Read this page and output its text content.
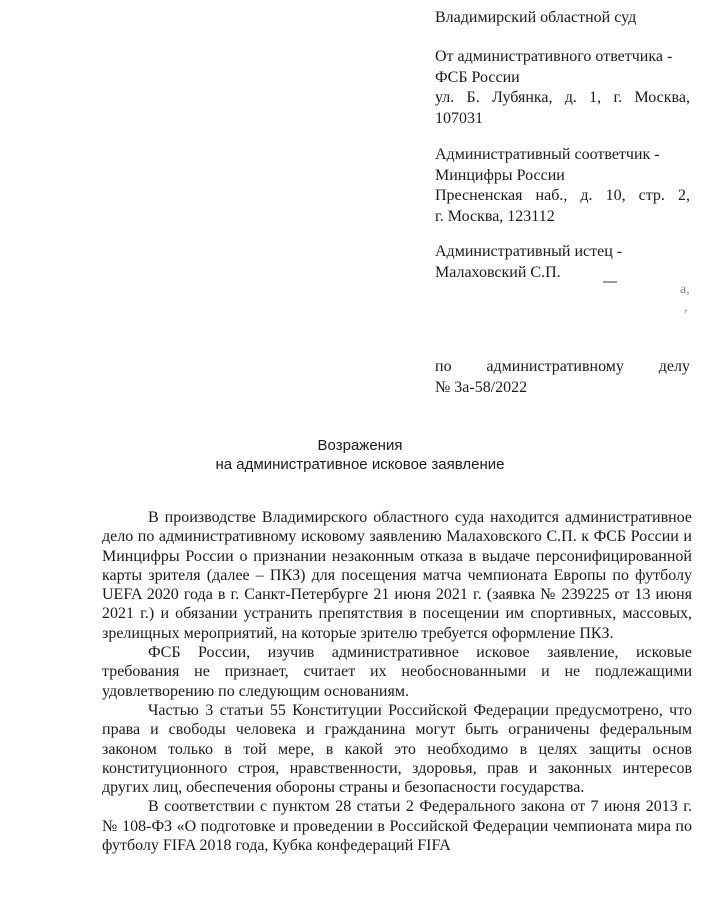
Владимирский областной суд
От административного ответчика -
ФСБ России
ул. Б. Лубянка, д. 1, г. Москва,
107031
Административный соответчик -
Минцифры России
Пресненская наб., д. 10, стр. 2,
г. Москва, 123112
Административный истец -
Малаховский С.П.
а,
,
по административному делу
№ 3а-58/2022
Возражения
на административное исковое заявление

В производстве Владимирского областного суда находится административное дело по административному исковому заявлению Малаховского С.П. к ФСБ России и Минцифры России о признании незаконным отказа в выдаче персонифицированной карты зрителя (далее – ПКЗ) для посещения матча чемпионата Европы по футболу UEFA 2020 года в г. Санкт-Петербурге 21 июня 2021 г. (заявка № 239225 от 13 июня 2021 г.) и обязании устранить препятствия в посещении им спортивных, массовых, зрелищных мероприятий, на которые зрителю требуется оформление ПКЗ.

ФСБ России, изучив административное исковое заявление, исковые требования не признает, считает их необоснованными и не подлежащими удовлетворению по следующим основаниям.

Частью 3 статьи 55 Конституции Российской Федерации предусмотрено, что права и свободы человека и гражданина могут быть ограничены федеральным законом только в той мере, в какой это необходимо в целях защиты основ конституционного строя, нравственности, здоровья, прав и законных интересов других лиц, обеспечения обороны страны и безопасности государства.

В соответствии с пунктом 28 статьи 2 Федерального закона от 7 июня 2013 г. № 108-ФЗ «О подготовке и проведении в Российской Федерации чемпионата мира по футболу FIFA 2018 года, Кубка конфедераций FIFA
